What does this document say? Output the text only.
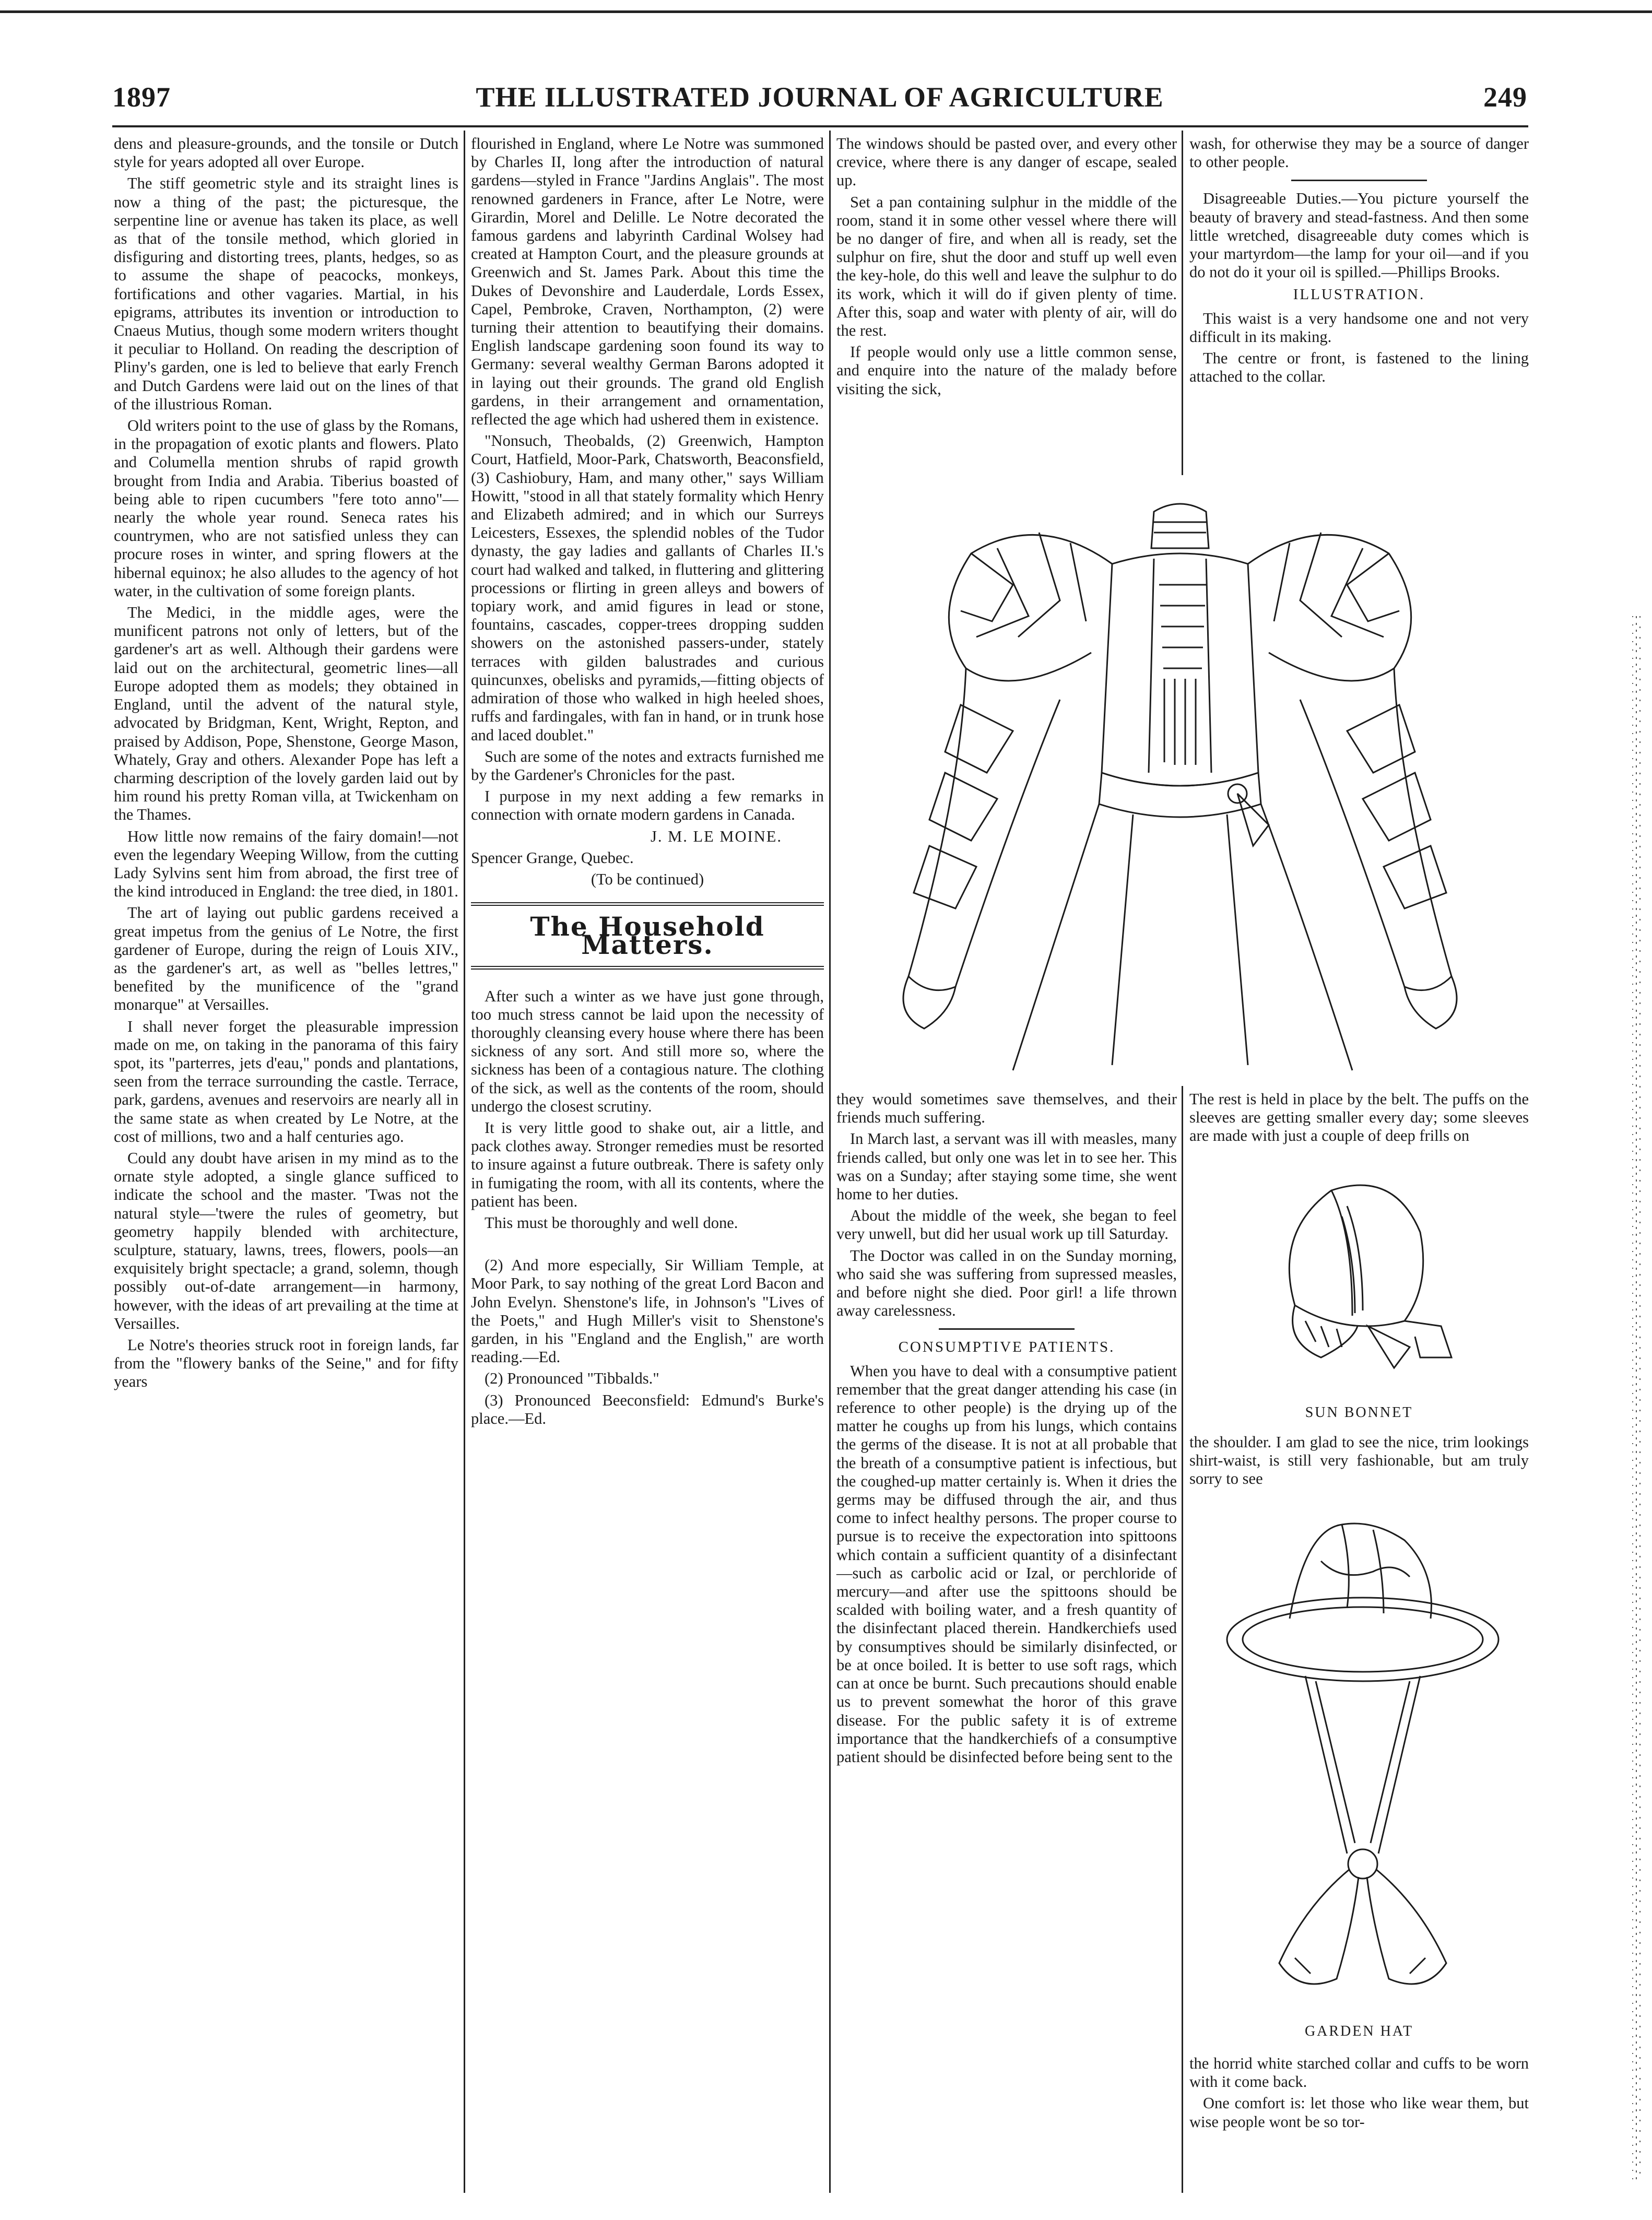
1897	THE ILLUSTRATED JOURNAL OF AGRICULTURE	249

dens and pleasure-grounds, and the tonsile or Dutch style for years adopted all over Europe.

The stiff geometric style and its straight lines is now a thing of the past; the picturesque, the serpentine line or avenue has taken its place, as well as that of the tonsile method, which gloried in disfiguring and distorting trees, plants, hedges, so as to assume the shape of peacocks, monkeys, fortifications and other vagaries. Martial, in his epigrams, attributes its invention or introduction to Cnaeus Mutius, though some modern writers thought it peculiar to Holland. On reading the description of Pliny's garden, one is led to believe that early French and Dutch Gardens were laid out on the lines of that of the illustrious Roman.

Old writers point to the use of glass by the Romans, in the propagation of exotic plants and flowers. Plato and Columella mention shrubs of rapid growth brought from India and Arabia. Tiberius boasted of being able to ripen cucumbers "fere toto anno"—nearly the whole year round. Seneca rates his countrymen, who are not satisfied unless they can procure roses in winter, and spring flowers at the hibernal equinox; he also alludes to the agency of hot water, in the cultivation of some foreign plants.

The Medici, in the middle ages, were the munificent patrons not only of letters, but of the gardener's art as well. Although their gardens were laid out on the architectural, geometric lines—all Europe adopted them as models; they obtained in England, until the advent of the natural style, advocated by Bridgman, Kent, Wright, Repton, and praised by Addison, Pope, Shenstone, George Mason, Whately, Gray and others. Alexander Pope has left a charming description of the lovely garden laid out by him round his pretty Roman villa, at Twickenham on the Thames.

How little now remains of the fairy domain!—not even the legendary Weeping Willow, from the cutting Lady Sylvins sent him from abroad, the first tree of the kind introduced in England: the tree died, in 1801.

The art of laying out public gardens received a great impetus from the genius of Le Notre, the first gardener of Europe, during the reign of Louis XIV., as the gardener's art, as well as "belles lettres," benefited by the munificence of the "grand monarque" at Versailles.

I shall never forget the pleasurable impression made on me, on taking in the panorama of this fairy spot, its "parterres, jets d'eau," ponds and plantations, seen from the terrace surrounding the castle. Terrace, park, gardens, avenues and reservoirs are nearly all in the same state as when created by Le Notre, at the cost of millions, two and a half centuries ago.

Could any doubt have arisen in my mind as to the ornate style adopted, a single glance sufficed to indicate the school and the master. 'Twas not the natural style—'twere the rules of geometry, but geometry happily blended with architecture, sculpture, statuary, lawns, trees, flowers, pools—an exquisitely bright spectacle; a grand, solemn, though possibly out-of-date arrangement—in harmony, however, with the ideas of art prevailing at the time at Versailles.

Le Notre's theories struck root in foreign lands, far from the "flowery banks of the Seine," and for fifty years

flourished in England, where Le Notre was summoned by Charles II, long after the introduction of natural gardens—styled in France "Jardins Anglais". The most renowned gardeners in France, after Le Notre, were Girardin, Morel and Delille. Le Notre decorated the famous gardens and labyrinth Cardinal Wolsey had created at Hampton Court, and the pleasure grounds at Greenwich and St. James Park. About this time the Dukes of Devonshire and Lauderdale, Lords Essex, Capel, Pembroke, Craven, Northampton, (2) were turning their attention to beautifying their domains. English landscape gardening soon found its way to Germany: several wealthy German Barons adopted it in laying out their grounds. The grand old English gardens, in their arrangement and ornamentation, reflected the age which had ushered them in existence.

"Nonsuch, Theobalds, (2) Greenwich, Hampton Court, Hatfield, Moor-Park, Chatsworth, Beaconsfield, (3) Cashiobury, Ham, and many other," says William Howitt, "stood in all that stately formality which Henry and Elizabeth admired; and in which our Surreys Leicesters, Essexes, the splendid nobles of the Tudor dynasty, the gay ladies and gallants of Charles II.'s court had walked and talked, in fluttering and glittering processions or flirting in green alleys and bowers of topiary work, and amid figures in lead or stone, fountains, cascades, copper-trees dropping sudden showers on the astonished passers-under, stately terraces with gilden balustrades and curious quincunxes, obelisks and pyramids,—fitting objects of admiration of those who walked in high heeled shoes, ruffs and fardingales, with fan in hand, or in trunk hose and laced doublet."

Such are some of the notes and extracts furnished me by the Gardener's Chronicles for the past.

I purpose in my next adding a few remarks in connection with ornate modern gardens in Canada.

J. M. LE MOINE.

Spencer Grange, Quebec.

(To be continued)

The Household Matters.

After such a winter as we have just gone through, too much stress cannot be laid upon the necessity of thoroughly cleansing every house where there has been sickness of any sort. And still more so, where the sickness has been of a contagious nature. The clothing of the sick, as well as the contents of the room, should undergo the closest scrutiny.

It is very little good to shake out, air a little, and pack clothes away. Stronger remedies must be resorted to insure against a future outbreak. There is safety only in fumigating the room, with all its contents, where the patient has been.

This must be thoroughly and well done.

(2) And more especially, Sir William Temple, at Moor Park, to say nothing of the great Lord Bacon and John Evelyn. Shenstone's life, in Johnson's "Lives of the Poets," and Hugh Miller's visit to Shenstone's garden, in his "England and the English," are worth reading.—Ed.

(2) Pronounced "Tibbalds."

(3) Pronounced Beeconsfield: Edmund's Burke's place.—Ed.

The windows should be pasted over, and every other crevice, where there is any danger of escape, sealed up.

Set a pan containing sulphur in the middle of the room, stand it in some other vessel where there will be no danger of fire, and when all is ready, set the sulphur on fire, shut the door and stuff up well even the key-hole, do this well and leave the sulphur to do its work, which it will do if given plenty of time. After this, soap and water with plenty of air, will do the rest.

If people would only use a little common sense, and enquire into the nature of the malady before visiting the sick,

wash, for otherwise they may be a source of danger to other people.

Disagreeable Duties.—You picture yourself the beauty of bravery and stead-fastness. And then some little wretched, disagreeable duty comes which is your martyrdom—the lamp for your oil—and if you do not do it your oil is spilled.—Phillips Brooks.

ILLUSTRATION.

This waist is a very handsome one and not very difficult in its making.

The centre or front, is fastened to the lining attached to the collar.

they would sometimes save themselves, and their friends much suffering.

In March last, a servant was ill with measles, many friends called, but only one was let in to see her. This was on a Sunday; after staying some time, she went home to her duties.

About the middle of the week, she began to feel very unwell, but did her usual work up till Saturday.

The Doctor was called in on the Sunday morning, who said she was suffering from supressed measles, and before night she died. Poor girl! a life thrown away carelessness.

CONSUMPTIVE PATIENTS.

When you have to deal with a consumptive patient remember that the great danger attending his case (in reference to other people) is the drying up of the matter he coughs up from his lungs, which contains the germs of the disease. It is not at all probable that the breath of a consumptive patient is infectious, but the coughed-up matter certainly is. When it dries the germs may be diffused through the air, and thus come to infect healthy persons. The proper course to pursue is to receive the expectoration into spittoons which contain a sufficient quantity of a disinfectant—such as carbolic acid or Izal, or perchloride of mercury—and after use the spittoons should be scalded with boiling water, and a fresh quantity of the disinfectant placed therein. Handkerchiefs used by consumptives should be similarly disinfected, or be at once boiled. It is better to use soft rags, which can at once be burnt. Such precautions should enable us to prevent somewhat the horor of this grave disease. For the public safety it is of extreme importance that the handkerchiefs of a consumptive patient should be disinfected before being sent to the

The rest is held in place by the belt. The puffs on the sleeves are getting smaller every day; some sleeves are made with just a couple of deep frills on

SUN BONNET

the shoulder. I am glad to see the nice, trim lookings shirt-waist, is still very fashionable, but am truly sorry to see

GARDEN HAT

the horrid white starched collar and cuffs to be worn with it come back.

One comfort is: let those who like wear them, but wise people wont be so tor-
